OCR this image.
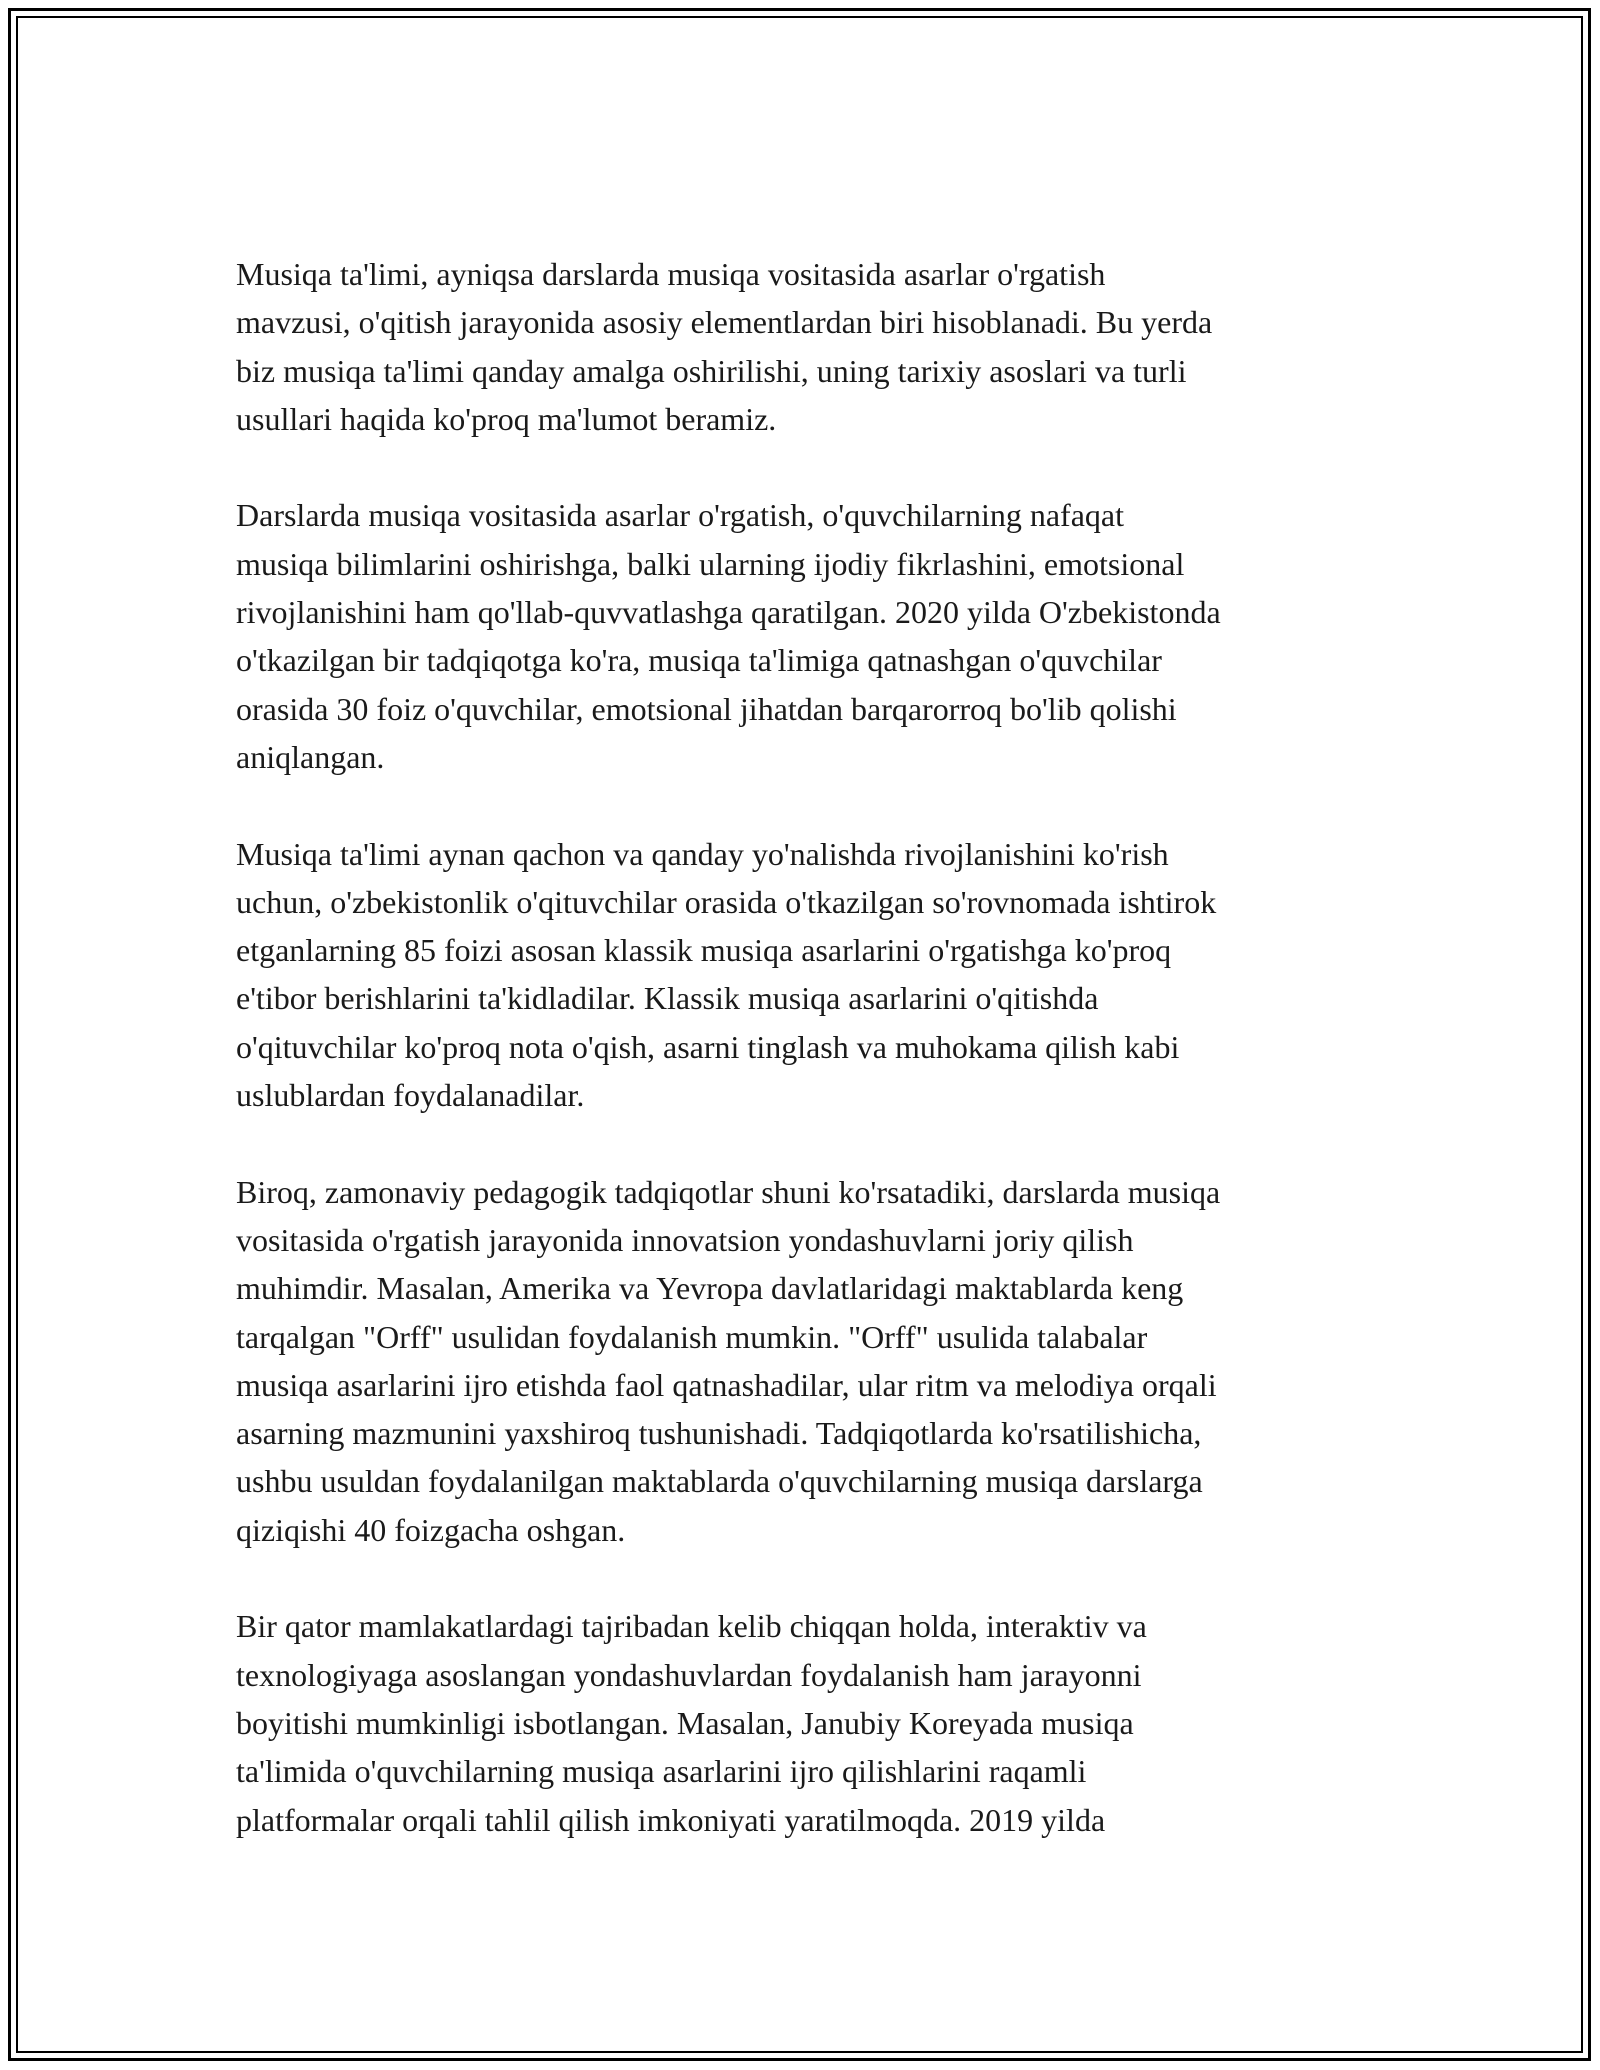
Musiqa ta'limi, ayniqsa darslarda musiqa vositasida asarlar o'rgatish
mavzusi, o'qitish jarayonida asosiy elementlardan biri hisoblanadi. Bu yerda
biz musiqa ta'limi qanday amalga oshirilishi, uning tarixiy asoslari va turli
usullari haqida ko'proq ma'lumot beramiz.

Darslarda musiqa vositasida asarlar o'rgatish, o'quvchilarning nafaqat
musiqa bilimlarini oshirishga, balki ularning ijodiy fikrlashini, emotsional
rivojlanishini ham qo'llab-quvvatlashga qaratilgan. 2020 yilda O'zbekistonda
o'tkazilgan bir tadqiqotga ko'ra, musiqa ta'limiga qatnashgan o'quvchilar
orasida 30 foiz o'quvchilar, emotsional jihatdan barqarorroq bo'lib qolishi
aniqlangan.

Musiqa ta'limi aynan qachon va qanday yo'nalishda rivojlanishini ko'rish
uchun, o'zbekistonlik o'qituvchilar orasida o'tkazilgan so'rovnomada ishtirok
etganlarning 85 foizi asosan klassik musiqa asarlarini o'rgatishga ko'proq
e'tibor berishlarini ta'kidladilar. Klassik musiqa asarlarini o'qitishda
o'qituvchilar ko'proq nota o'qish, asarni tinglash va muhokama qilish kabi
uslublardan foydalanadilar.

Biroq, zamonaviy pedagogik tadqiqotlar shuni ko'rsatadiki, darslarda musiqa
vositasida o'rgatish jarayonida innovatsion yondashuvlarni joriy qilish
muhimdir. Masalan, Amerika va Yevropa davlatlaridagi maktablarda keng
tarqalgan "Orff" usulidan foydalanish mumkin. "Orff" usulida talabalar
musiqa asarlarini ijro etishda faol qatnashadilar, ular ritm va melodiya orqali
asarning mazmunini yaxshiroq tushunishadi. Tadqiqotlarda ko'rsatilishicha,
ushbu usuldan foydalanilgan maktablarda o'quvchilarning musiqa darslarga
qiziqishi 40 foizgacha oshgan.

Bir qator mamlakatlardagi tajribadan kelib chiqqan holda, interaktiv va
texnologiyaga asoslangan yondashuvlardan foydalanish ham jarayonni
boyitishi mumkinligi isbotlangan. Masalan, Janubiy Koreyada musiqa
ta'limida o'quvchilarning musiqa asarlarini ijro qilishlarini raqamli
platformalar orqali tahlil qilish imkoniyati yaratilmoqda. 2019 yilda
